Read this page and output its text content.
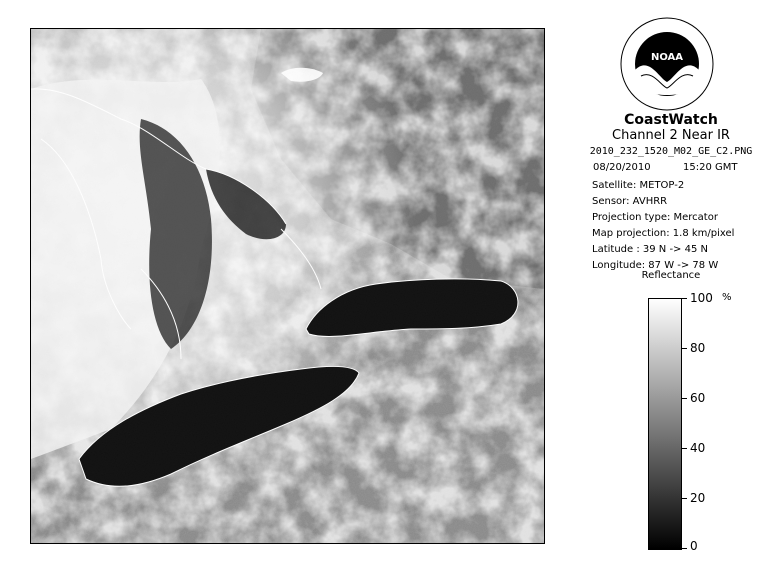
NOAA
CoastWatch
Channel 2 Near IR
2010_232_1520_M02_GE_C2.PNG
08/20/2010	15:20 GMT
Satellite: METOP-2
Sensor: AVHRR
Projection type: Mercator
Map projection: 1.8 km/pixel
Latitude : 39 N -> 45 N
Longitude: 87 W -> 78 W
Reflectance
%
100
80
60
40
20
0
